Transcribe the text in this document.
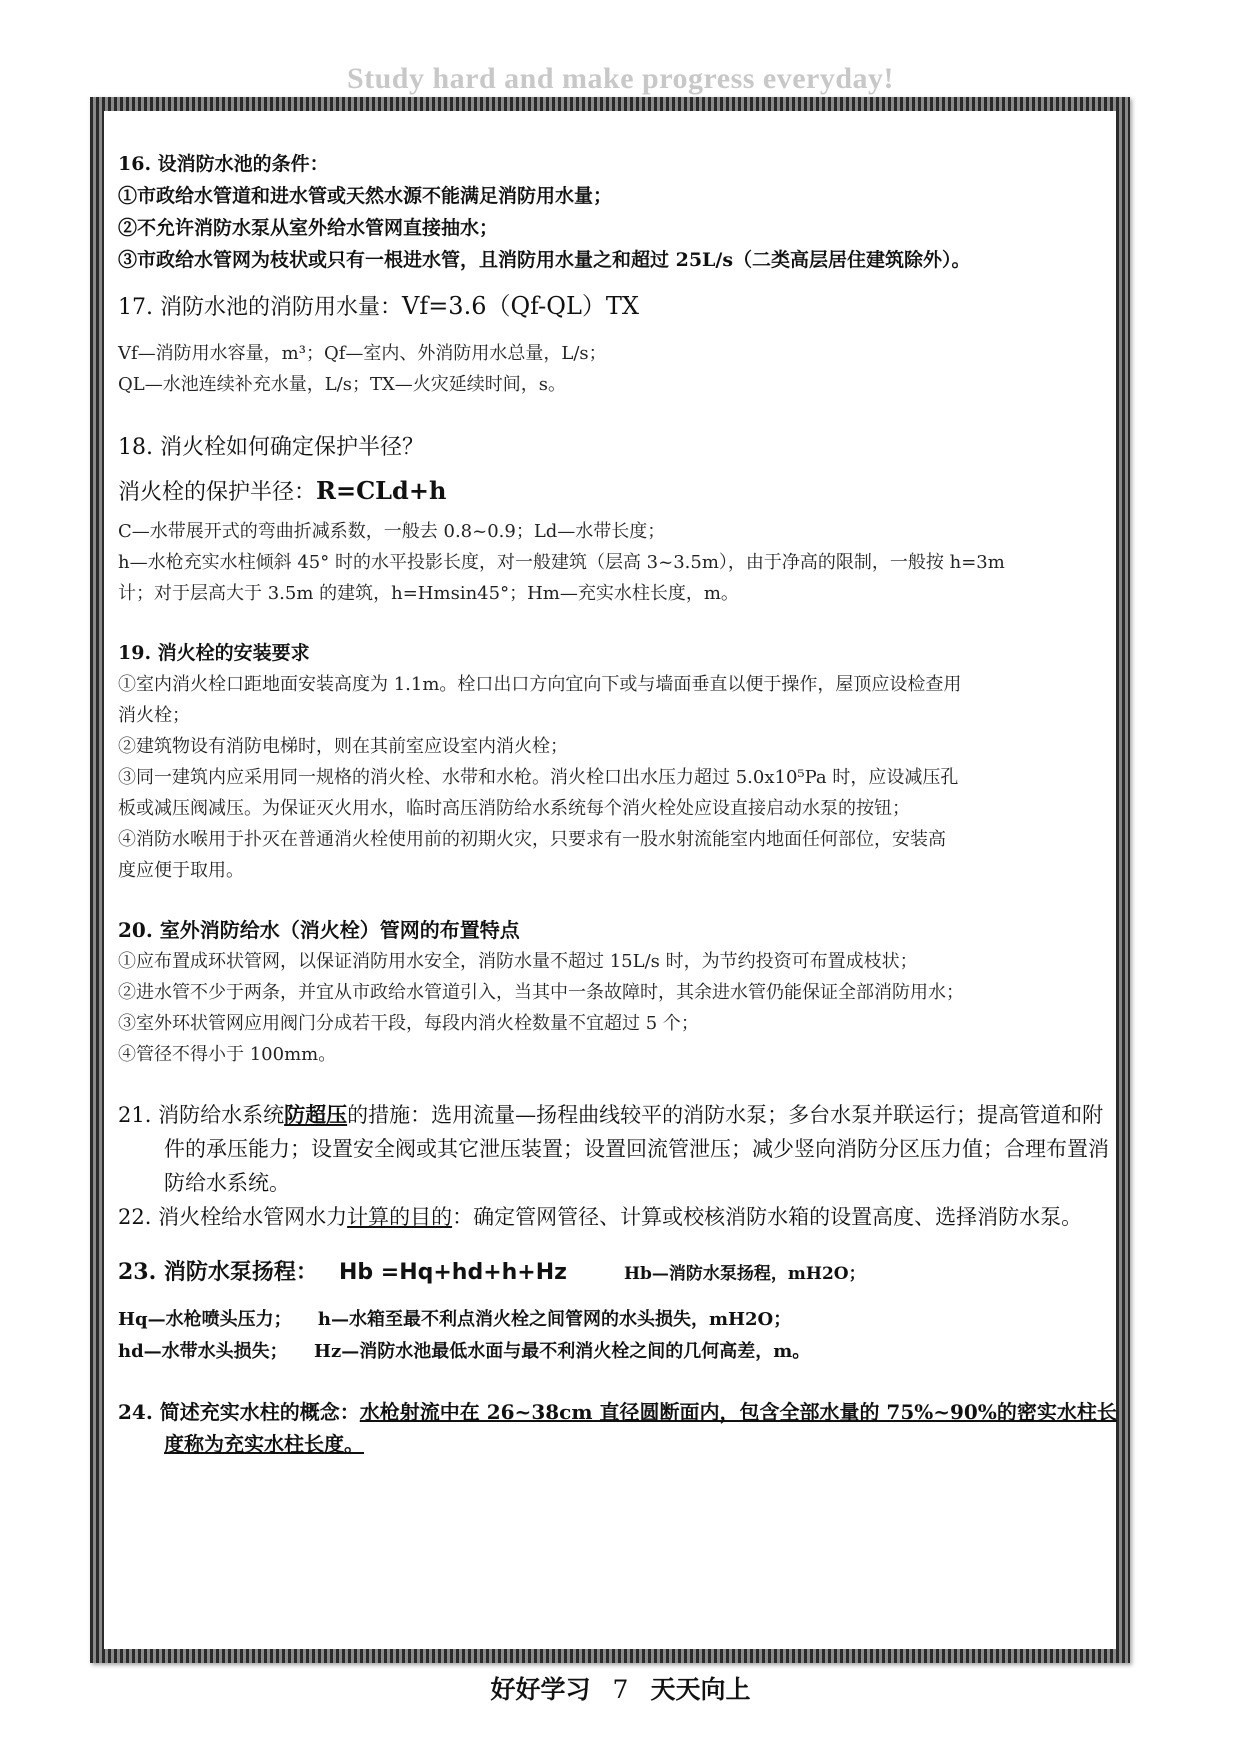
Study hard and make progress everyday!

16. 设消防水池的条件：

①市政给水管道和进水管或天然水源不能满足消防用水量；

②不允许消防水泵从室外给水管网直接抽水；

③市政给水管网为枝状或只有一根进水管，且消防用水量之和超过 25L/s（二类高层居住建筑除外）。

17. 消防水池的消防用水量：Vf=3.6（Qf-QL）TX

Vf—消防用水容量，m³；Qf—室内、外消防用水总量，L/s；

QL—水池连续补充水量，L/s；TX—火灾延续时间，s。

18. 消火栓如何确定保护半径？

消火栓的保护半径：R=CLd+h

C—水带展开式的弯曲折减系数，一般去 0.8~0.9；Ld—水带长度；

h—水枪充实水柱倾斜 45° 时的水平投影长度，对一般建筑（层高 3~3.5m），由于净高的限制，一般按 h=3m

计；对于层高大于 3.5m 的建筑，h=Hmsin45°；Hm—充实水柱长度，m。

19. 消火栓的安装要求

①室内消火栓口距地面安装高度为 1.1m。栓口出口方向宜向下或与墙面垂直以便于操作，屋顶应设检查用

消火栓；

②建筑物设有消防电梯时，则在其前室应设室内消火栓；

③同一建筑内应采用同一规格的消火栓、水带和水枪。消火栓口出水压力超过 5.0x10⁵Pa 时，应设减压孔

板或减压阀减压。为保证灭火用水，临时高压消防给水系统每个消火栓处应设直接启动水泵的按钮；

④消防水喉用于扑灭在普通消火栓使用前的初期火灾，只要求有一股水射流能室内地面任何部位，安装高

度应便于取用。

20. 室外消防给水（消火栓）管网的布置特点

①应布置成环状管网，以保证消防用水安全，消防水量不超过 15L/s 时，为节约投资可布置成枝状；

②进水管不少于两条，并宜从市政给水管道引入，当其中一条故障时，其余进水管仍能保证全部消防用水；

③室外环状管网应用阀门分成若干段，每段内消火栓数量不宜超过 5 个；

④管径不得小于 100mm。

21. 消防给水系统防超压的措施：选用流量—扬程曲线较平的消防水泵；多台水泵并联运行；提高管道和附件的承压能力；设置安全阀或其它泄压装置；设置回流管泄压；减少竖向消防分区压力值；合理布置消防给水系统。

22. 消火栓给水管网水力计算的目的：确定管网管径、计算或校核消防水箱的设置高度、选择消防水泵。

23. 消防水泵扬程： Hb =Hq+hd+h+Hz	Hb—消防水泵扬程，mH2O；

Hq—水枪喷头压力； h—水箱至最不利点消火栓之间管网的水头损失，mH2O；

hd—水带水头损失； Hz—消防水池最低水面与最不利消火栓之间的几何高差，m。

24. 简述充实水柱的概念：水枪射流中在 26~38cm 直径圆断面内，包含全部水量的 75%~90%的密实水柱长度称为充实水柱长度。

好好学习 7 天天向上
